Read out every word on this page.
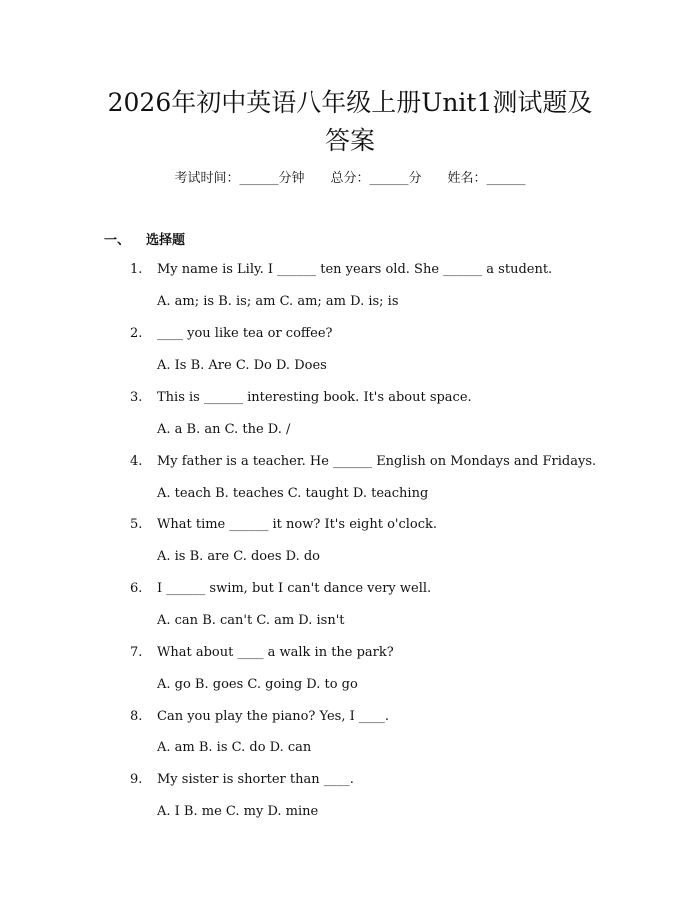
2026年初中英语八年级上册Unit1测试题及
答案
考试时间：______分钟 总分：______分 姓名：______
一、 选择题
1. My name is Lily. I ______ ten years old. She ______ a student.
A. am; is B. is; am C. am; am D. is; is
2. ____ you like tea or coffee?
A. Is B. Are C. Do D. Does
3. This is ______ interesting book. It's about space.
A. a B. an C. the D. /
4. My father is a teacher. He ______ English on Mondays and Fridays.
A. teach B. teaches C. taught D. teaching
5. What time ______ it now? It's eight o'clock.
A. is B. are C. does D. do
6. I ______ swim, but I can't dance very well.
A. can B. can't C. am D. isn't
7. What about ____ a walk in the park?
A. go B. goes C. going D. to go
8. Can you play the piano? Yes, I ____.
A. am B. is C. do D. can
9. My sister is shorter than ____.
A. I B. me C. my D. mine
